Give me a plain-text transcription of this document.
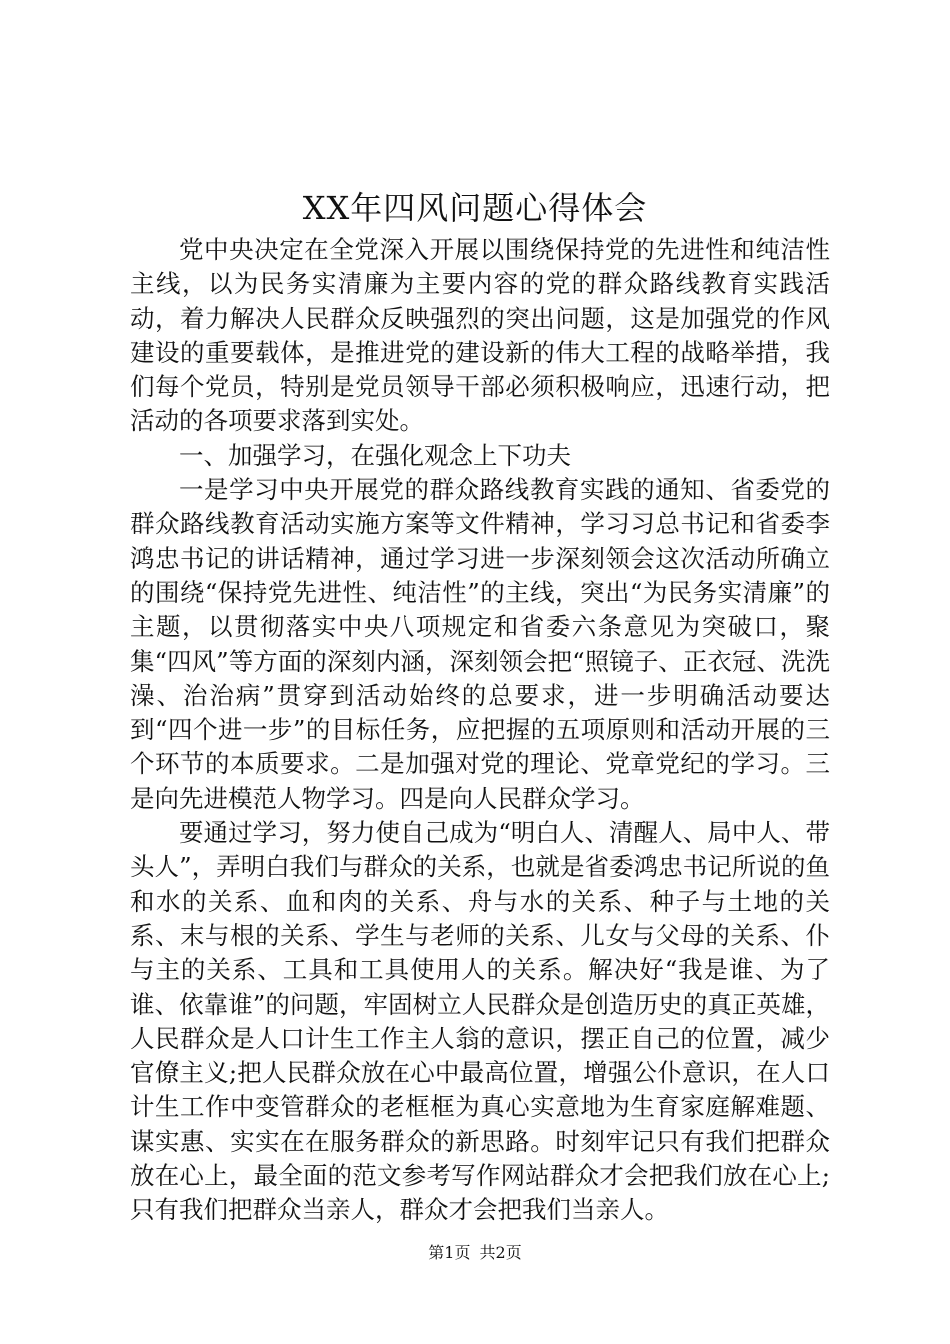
XX年四风问题心得体会

党中央决定在全党深入开展以围绕保持党的先进性和纯洁性主线，以为民务实清廉为主要内容的党的群众路线教育实践活动，着力解决人民群众反映强烈的突出问题，这是加强党的作风建设的重要载体，是推进党的建设新的伟大工程的战略举措，我们每个党员，特别是党员领导干部必须积极响应，迅速行动，把活动的各项要求落到实处。

一、加强学习，在强化观念上下功夫

一是学习中央开展党的群众路线教育实践的通知、省委党的群众路线教育活动实施方案等文件精神，学习习总书记和省委李鸿忠书记的讲话精神，通过学习进一步深刻领会这次活动所确立的围绕“保持党先进性、纯洁性”的主线，突出“为民务实清廉”的主题，以贯彻落实中央八项规定和省委六条意见为突破口，聚集“四风”等方面的深刻内涵，深刻领会把“照镜子、正衣冠、洗洗澡、治治病”贯穿到活动始终的总要求，进一步明确活动要达到“四个进一步”的目标任务，应把握的五项原则和活动开展的三个环节的本质要求。二是加强对党的理论、党章党纪的学习。三是向先进模范人物学习。四是向人民群众学习。

要通过学习，努力使自己成为“明白人、清醒人、局中人、带头人”，弄明白我们与群众的关系，也就是省委鸿忠书记所说的鱼和水的关系、血和肉的关系、舟与水的关系、种子与土地的关系、末与根的关系、学生与老师的关系、儿女与父母的关系、仆与主的关系、工具和工具使用人的关系。解决好“我是谁、为了谁、依靠谁”的问题，牢固树立人民群众是创造历史的真正英雄，人民群众是人口计生工作主人翁的意识，摆正自己的位置，减少官僚主义;把人民群众放在心中最高位置，增强公仆意识，在人口计生工作中变管群众的老框框为真心实意地为生育家庭解难题、谋实惠、实实在在服务群众的新思路。时刻牢记只有我们把群众放在心上，最全面的范文参考写作网站群众才会把我们放在心上;只有我们把群众当亲人，群众才会把我们当亲人。

第1页 共2页
